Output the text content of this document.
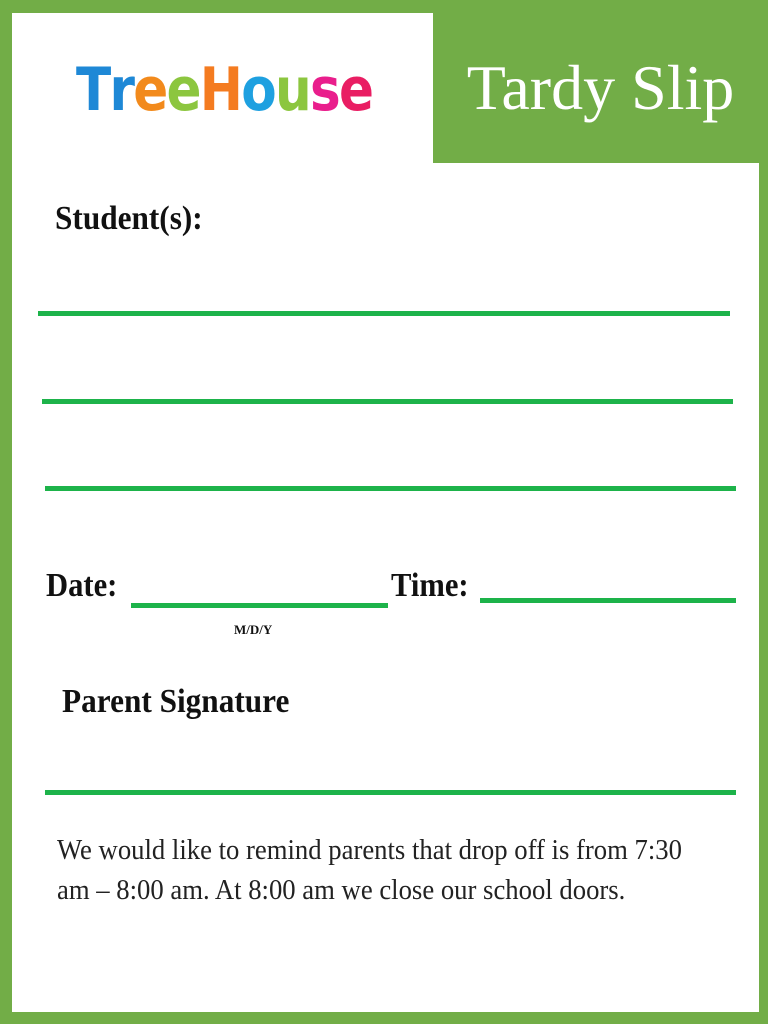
Tardy Slip
TreeHouse
Student(s):
Date:
M/D/Y
Time:
Parent Signature

We would like to remind parents that drop off is from 7:30 am – 8:00 am. At 8:00 am we close our school doors.
